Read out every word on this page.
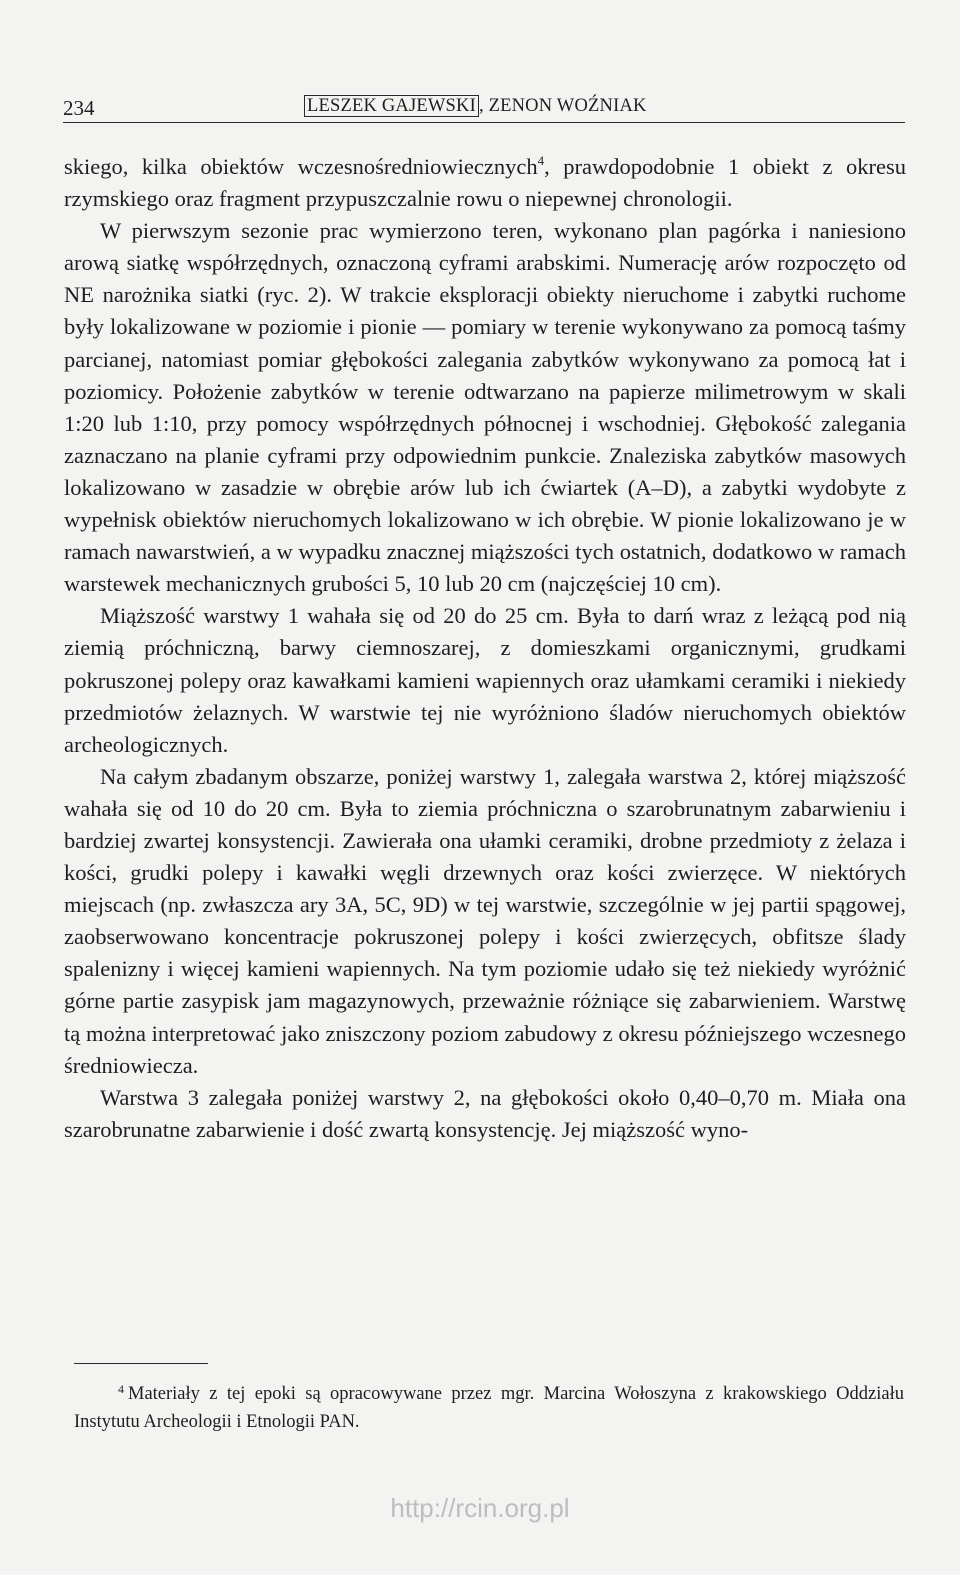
234	LESZEK GAJEWSKI , ZENON WOŹNIAK

skiego, kilka obiektów wczesnośredniowiecznych$^4$, prawdopodobnie 1 obiekt z okresu rzymskiego oraz fragment przypuszczalnie rowu o niepewnej chronologii.

W pierwszym sezonie prac wymierzono teren, wykonano plan pagórka i naniesiono arową siatkę współrzędnych, oznaczoną cyframi arabskimi. Numerację arów rozpoczęto od NE narożnika siatki (ryc. 2). W trakcie eksploracji obiekty nieruchome i zabytki ruchome były lokalizowane w poziomie i pionie — pomiary w terenie wykonywano za pomocą taśmy parcianej, natomiast pomiar głębokości zalegania zabytków wykonywano za pomocą łat i poziomicy. Położenie zabytków w terenie odtwarzano na papierze milimetrowym w skali 1:20 lub 1:10, przy pomocy współrzędnych północnej i wschodniej. Głębokość zalegania zaznaczano na planie cyframi przy odpowiednim punkcie. Znaleziska zabytków masowych lokalizowano w zasadzie w obrębie arów lub ich ćwiartek (A–D), a zabytki wydobyte z wypełnisk obiektów nieruchomych lokalizowano w ich obrębie. W pionie lokalizowano je w ramach nawarstwień, a w wypadku znacznej miąższości tych ostatnich, dodatkowo w ramach warstewek mechanicznych grubości 5, 10 lub 20 cm (najczęściej 10 cm).

Miąższość warstwy 1 wahała się od 20 do 25 cm. Była to darń wraz z leżącą pod nią ziemią próchniczną, barwy ciemnoszarej, z domieszkami organicznymi, grudkami pokruszonej polepy oraz kawałkami kamieni wapiennych oraz ułamkami ceramiki i niekiedy przedmiotów żelaznych. W warstwie tej nie wyróżniono śladów nieruchomych obiektów archeologicznych.

Na całym zbadanym obszarze, poniżej warstwy 1, zalegała warstwa 2, której miąższość wahała się od 10 do 20 cm. Była to ziemia próchniczna o szarobrunatnym zabarwieniu i bardziej zwartej konsystencji. Zawierała ona ułamki ceramiki, drobne przedmioty z żelaza i kości, grudki polepy i kawałki węgli drzewnych oraz kości zwierzęce. W niektórych miejscach (np. zwłaszcza ary 3A, 5C, 9D) w tej warstwie, szczególnie w jej partii spągowej, zaobserwowano koncentracje pokruszonej polepy i kości zwierzęcych, obfitsze ślady spalenizny i więcej kamieni wapiennych. Na tym poziomie udało się też niekiedy wyróżnić górne partie zasypisk jam magazynowych, przeważnie różniące się zabarwieniem. Warstwę tą można interpretować jako zniszczony poziom zabudowy z okresu późniejszego wczesnego średniowiecza.

Warstwa 3 zalegała poniżej warstwy 2, na głębokości około 0,40–0,70 m. Miała ona szarobrunatne zabarwienie i dość zwartą konsystencję. Jej miąższość wyno-

$^4$ Materiały z tej epoki są opracowywane przez mgr. Marcina Wołoszyna z krakowskiego Oddziału Instytutu Archeologii i Etnologii PAN.

http://rcin.org.pl
